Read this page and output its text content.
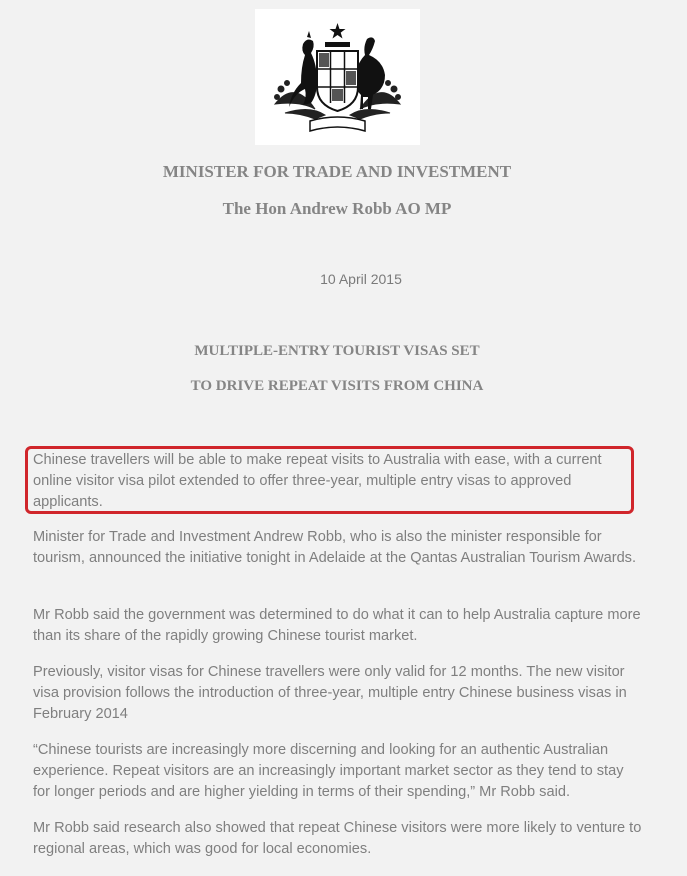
MINISTER FOR TRADE AND INVESTMENT
The Hon Andrew Robb AO MP
10 April 2015
MULTIPLE-ENTRY TOURIST VISAS SET
TO DRIVE REPEAT VISITS FROM CHINA

Chinese travellers will be able to make repeat visits to Australia with ease, with a current online visitor visa pilot extended to offer three-year, multiple entry visas to approved applicants.

Minister for Trade and Investment Andrew Robb, who is also the minister responsible for tourism, announced the initiative tonight in Adelaide at the Qantas Australian Tourism Awards.

Mr Robb said the government was determined to do what it can to help Australia capture more than its share of the rapidly growing Chinese tourist market.

Previously, visitor visas for Chinese travellers were only valid for 12 months. The new visitor visa provision follows the introduction of three-year, multiple entry Chinese business visas in February 2014

“Chinese tourists are increasingly more discerning and looking for an authentic Australian experience. Repeat visitors are an increasingly important market sector as they tend to stay for longer periods and are higher yielding in terms of their spending,” Mr Robb said.

Mr Robb said research also showed that repeat Chinese visitors were more likely to venture to regional areas, which was good for local economies.
